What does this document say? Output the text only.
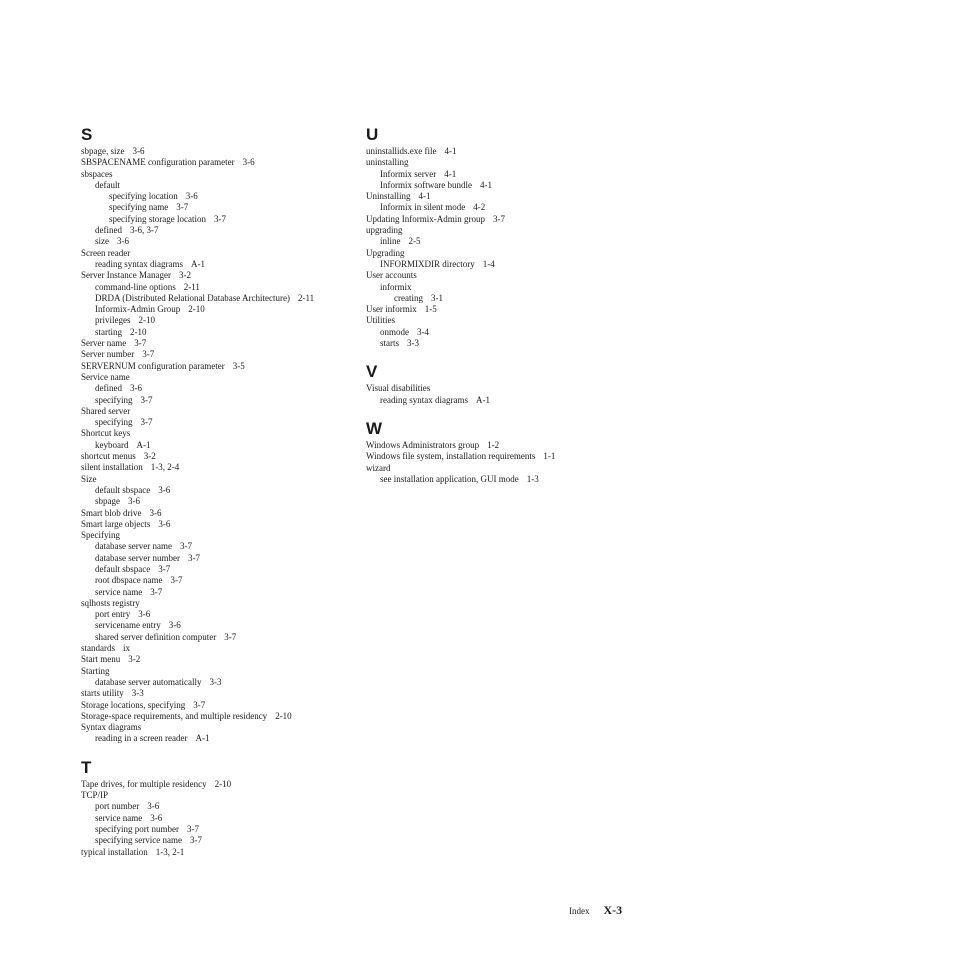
S
sbpage, size 3-6
SBSPACENAME configuration parameter 3-6
sbspaces
default
specifying location 3-6
specifying name 3-7
specifying storage location 3-7
defined 3-6, 3-7
size 3-6
Screen reader
reading syntax diagrams A-1
Server Instance Manager 3-2
command-line options 2-11
DRDA (Distributed Relational Database Architecture) 2-11
Informix-Admin Group 2-10
privileges 2-10
starting 2-10
Server name 3-7
Server number 3-7
SERVERNUM configuration parameter 3-5
Service name
defined 3-6
specifying 3-7
Shared server
specifying 3-7
Shortcut keys
keyboard A-1
shortcut menus 3-2
silent installation 1-3, 2-4
Size
default sbspace 3-6
sbpage 3-6
Smart blob drive 3-6
Smart large objects 3-6
Specifying
database server name 3-7
database server number 3-7
default sbspace 3-7
root dbspace name 3-7
service name 3-7
sqlhosts registry
port entry 3-6
servicename entry 3-6
shared server definition computer 3-7
standards ix
Start menu 3-2
Starting
database server automatically 3-3
starts utility 3-3
Storage locations, specifying 3-7
Storage-space requirements, and multiple residency 2-10
Syntax diagrams
reading in a screen reader A-1
T
Tape drives, for multiple residency 2-10
TCP/IP
port number 3-6
service name 3-6
specifying port number 3-7
specifying service name 3-7
typical installation 1-3, 2-1
U
uninstallids.exe file 4-1
uninstalling
Informix server 4-1
Informix software bundle 4-1
Uninstalling 4-1
Informix in silent mode 4-2
Updating Informix-Admin group 3-7
upgrading
inline 2-5
Upgrading
INFORMIXDIR directory 1-4
User accounts
informix
creating 3-1
User informix 1-5
Utilities
onmode 3-4
starts 3-3
V
Visual disabilities
reading syntax diagrams A-1
W
Windows Administrators group 1-2
Windows file system, installation requirements 1-1
wizard
see installation application, GUI mode 1-3
Index X-3
